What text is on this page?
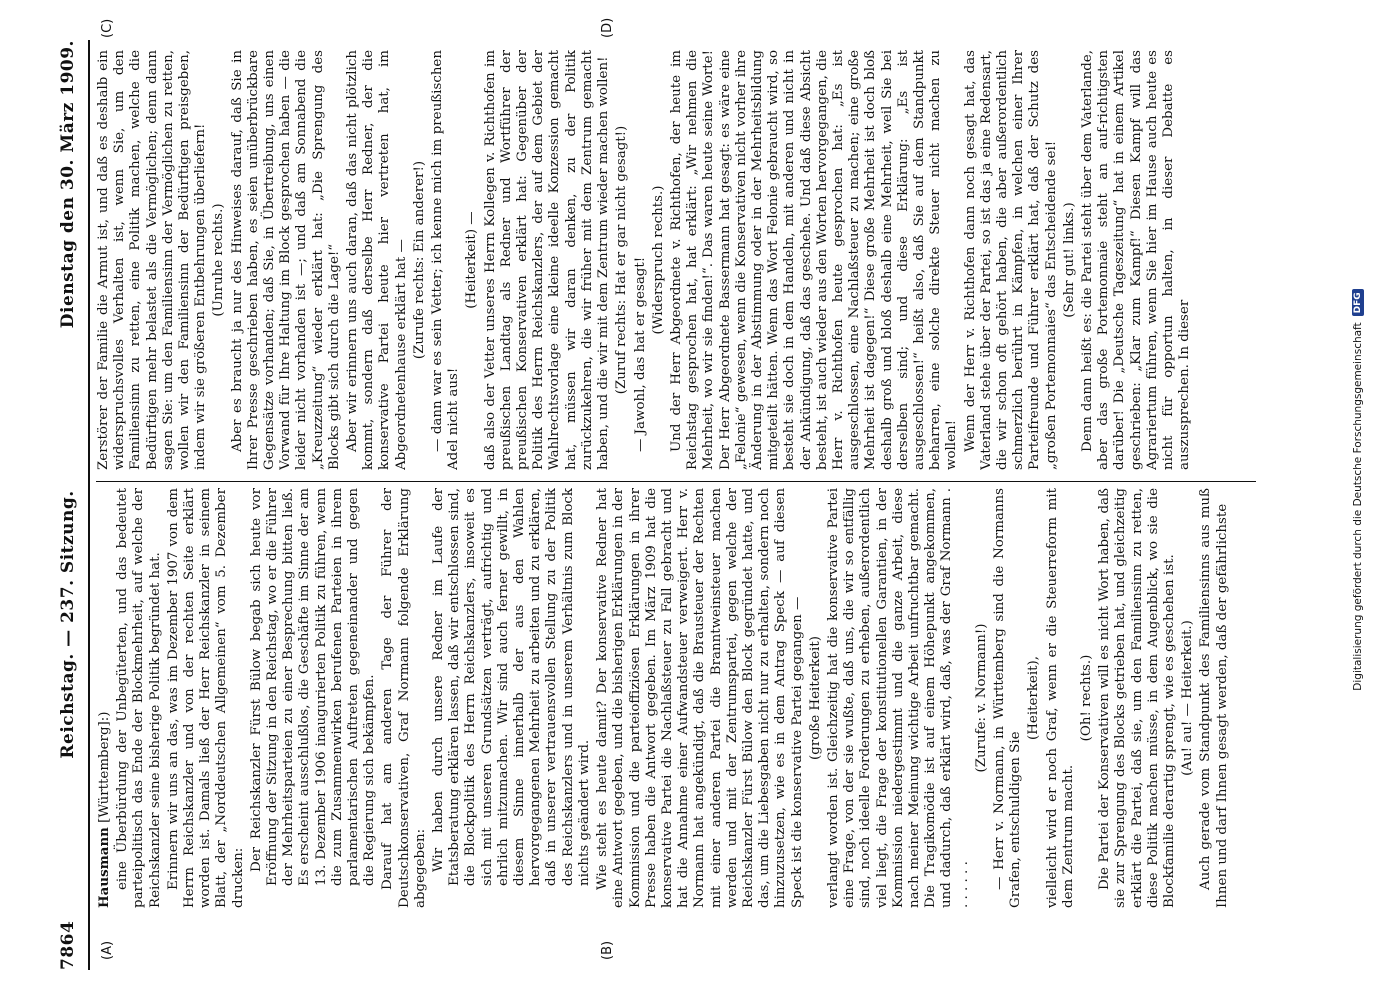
7864
Reichstag. — 237. Sitzung.
Dienstag den 30. März 1909.
(A)	(B)
(C)	(D)

Hausmann [Württemberg]:) eine Überbürdung der Unbegüterten, und das bedeutet parteipolitisch das Ende der Blockmehrheit, auf welche der Reichskanzler seine bisherige Politik begründet hat. Erinnern wir uns an das, was im Dezember 1907 von dem Herrn Reichskanzler und von der rechten Seite erklärt worden ist. Damals ließ der Herr Reichskanzler in seinem Blatt, der „Norddeutschen Allgemeinen“ vom 5. Dezember drucken:

Der Reichskanzler Fürst Bülow begab sich heute vor Eröffnung der Sitzung in den Reichstag, wo er die Führer der Mehrheitsparteien zu einer Besprechung bitten ließ. Es erscheint ausschlußlos, die Geschäfte im Sinne der am 13. Dezember 1906 inaugurierten Politik zu führen, wenn die zum Zusammenwirken berufenen Parteien in ihrem parlamentarischen Auftreten gegeneinander und gegen die Regierung sich bekämpfen. Darauf hat am anderen Tage der Führer der Deutschkonservativen, Graf Normann folgende Erklärung abgegeben: Wir haben durch unsere Redner im Laufe der Etatsberatung erklären lassen, daß wir entschlossen sind, die Blockpolitik des Herrn Reichskanzlers, insoweit es sich mit unseren Grundsätzen verträgt, aufrichtig und ehrlich mitzumachen. Wir sind auch ferner gewillt, in diesem Sinne innerhalb der aus den Wahlen hervorgegangenen Mehrheit zu arbeiten und zu erklären, daß in unserer vertrauensvollen Stellung zu der Politik des Reichskanzlers und in unserem Verhältnis zum Block nichts geändert wird. Wie steht es heute damit? Der konservative Redner hat eine Antwort gegeben, und die bisherigen Erklärungen in der Kommission und die parteioffiziösen Erklärungen in ihrer Presse haben die Antwort gegeben. Im März 1909 hat die konservative Partei die Nachlaßsteuer zu Fall gebracht und hat die Annahme einer Aufwandsteuer verweigert. Herr v. Normann hat angekündigt, daß die Brausteuer der Rechten mit einer anderen Partei die Branntweinsteuer machen werden und mit der Zentrumspartei, gegen welche der Reichskanzler Fürst Bülow den Block gegründet hatte, und das, um die Liebesgaben nicht nur zu erhalten, sondern noch hinzuzusetzen, wie es in dem Antrag Speck — auf diesen Speck ist die konservative Partei gegangen — (große Heiterkeit) verlangt worden ist. Gleichzeitig hat die konservative Partei eine Frage, von der sie wußte, daß uns, die wir so entfällig sind, noch ideelle Forderungen zu erheben, außerordentlich viel liegt, die Frage der konstitutionellen Garantien, in der Kommission niedergestimmt und die ganze Arbeit, diese nach meiner Meinung wichtige Arbeit unfruchtbar gemacht. Die Tragikomödie ist auf einem Höhepunkt angekommen, und dadurch, daß erklärt wird, daß, was der Graf Normann . . . . . . .

(Zurufe: v. Normann!) — Herr v. Normann, in Württemberg sind die Normanns Grafen, entschuldigen Sie

(Heiterkeit), vielleicht wird er noch Graf, wenn er die Steuerreform mit dem Zentrum macht.

(Oh! rechts.) Die Partei der Konservativen will es nicht Wort haben, daß sie zur Sprengung des Blocks getrieben hat, und gleichzeitig erklärt die Partei, daß sie, um den Familiensinn zu retten, diese Politik machen müsse, in dem Augenblick, wo sie die Blockfamilie derartig sprengt, wie es geschehen ist. (Au! au! — Heiterkeit.) Auch gerade vom Standpunkt des Familiensinns aus muß Ihnen und darf Ihnen gesagt werden, daß der gefährlichste

Zerstörer der Familie die Armut ist, und daß es deshalb ein widerspruchsvolles Verhalten ist, wenn Sie, um den Familiensinn zu retten, eine Politik machen, welche die Bedürftigen mehr belastet als die Vermöglichen; denn dann sagen Sie: um den Familiensinn der Vermöglichen zu retten, wollen wir den Familiensinn der Bedürftigen preisgeben, indem wir sie größeren Entbehrungen überliefern! (Unruhe rechts.) Aber es braucht ja nur des Hinweises darauf, daß Sie in Ihrer Presse geschrieben haben, es seien unüberbrückbare Gegensätze vorhanden; daß Sie, in Übertreibung, uns einen Vorwand für Ihre Haltung im Block gesprochen haben — die leider nicht vorhanden ist —; und daß am Sonnabend die „Kreuzzeitung“ wieder erklärt hat: „Die Sprengung des Blocks gibt sich durch die Lage!“ Aber wir erinnern uns auch daran, daß das nicht plötzlich kommt, sondern daß derselbe Herr Redner, der die konservative Partei heute hier vertreten hat, im Abgeordnetenhause erklärt hat — (Zurufe rechts: Ein anderer!) — dann war es sein Vetter; ich kenne mich im preußischen Adel nicht aus!

(Heiterkeit) — daß also der Vetter unseres Herrn Kollegen v. Richthofen im preußischen Landtag als Redner und Wortführer der preußischen Konservativen erklärt hat: Gegenüber der Politik des Herrn Reichskanzlers, der auf dem Gebiet der Wahlrechtsvorlage eine kleine ideelle Konzession gemacht hat, müssen wir daran denken, zu der Politik zurückzukehren, die wir früher mit dem Zentrum gemacht haben, und die wir mit dem Zentrum wieder machen wollen! (Zuruf rechts: Hat er gar nicht gesagt!) — Jawohl, das hat er gesagt! (Widerspruch rechts.) Und der Herr Abgeordnete v. Richthofen, der heute im Reichstag gesprochen hat, hat erklärt: „Wir nehmen die Mehrheit, wo wir sie finden!“. Das waren heute seine Worte! Der Herr Abgeordnete Bassermann hat gesagt: es wäre eine „Felonie“ gewesen, wenn die Konservativen nicht vorher ihre Änderung in der Abstimmung oder in der Mehrheitsbildung mitgeteilt hätten. Wenn das Wort Felonie gebraucht wird, so besteht sie doch in dem Handeln, mit anderen und nicht in der Ankündigung, daß das geschehe. Und daß diese Absicht besteht, ist auch wieder aus den Worten hervorgegangen, die Herr v. Richthofen heute gesprochen hat: „Es ist ausgeschlossen, eine Nachlaßsteuer zu machen; eine große Mehrheit ist dagegen!“ Diese große Mehrheit ist doch bloß deshalb groß und bloß deshalb eine Mehrheit, weil Sie bei derselben sind; und diese Erklärung: „Es ist ausgeschlossen!“ heißt also, daß Sie auf dem Standpunkt beharren, eine solche direkte Steuer nicht machen zu wollen! Wenn der Herr v. Richthofen dann noch gesagt hat, das Vaterland stehe über der Partei, so ist das ja eine Redensart, die wir schon oft gehört haben, die aber außerordentlich schmerzlich berührt in Kämpfen, in welchen einer Ihrer Parteifreunde und Führer erklärt hat, daß der Schutz des „großen Portemonnaies“ das Entscheidende sei! (Sehr gut! links.) Denn dann heißt es: die Partei steht über dem Vaterlande, aber das große Portemonnaie steht an auf-richtigsten darüber! Die „Deutsche Tageszeitung“ hat in einem Artikel geschrieben: „Klar zum Kampf!“ Diesen Kampf will das Agrariertum führen, wenn Sie hier im Hause auch heute es nicht für opportun halten, in dieser Debatte es auszusprechen. In dieser	Digitalisierung gefördert durch die Deutsche Forschungsgemeinschaft
DFG
